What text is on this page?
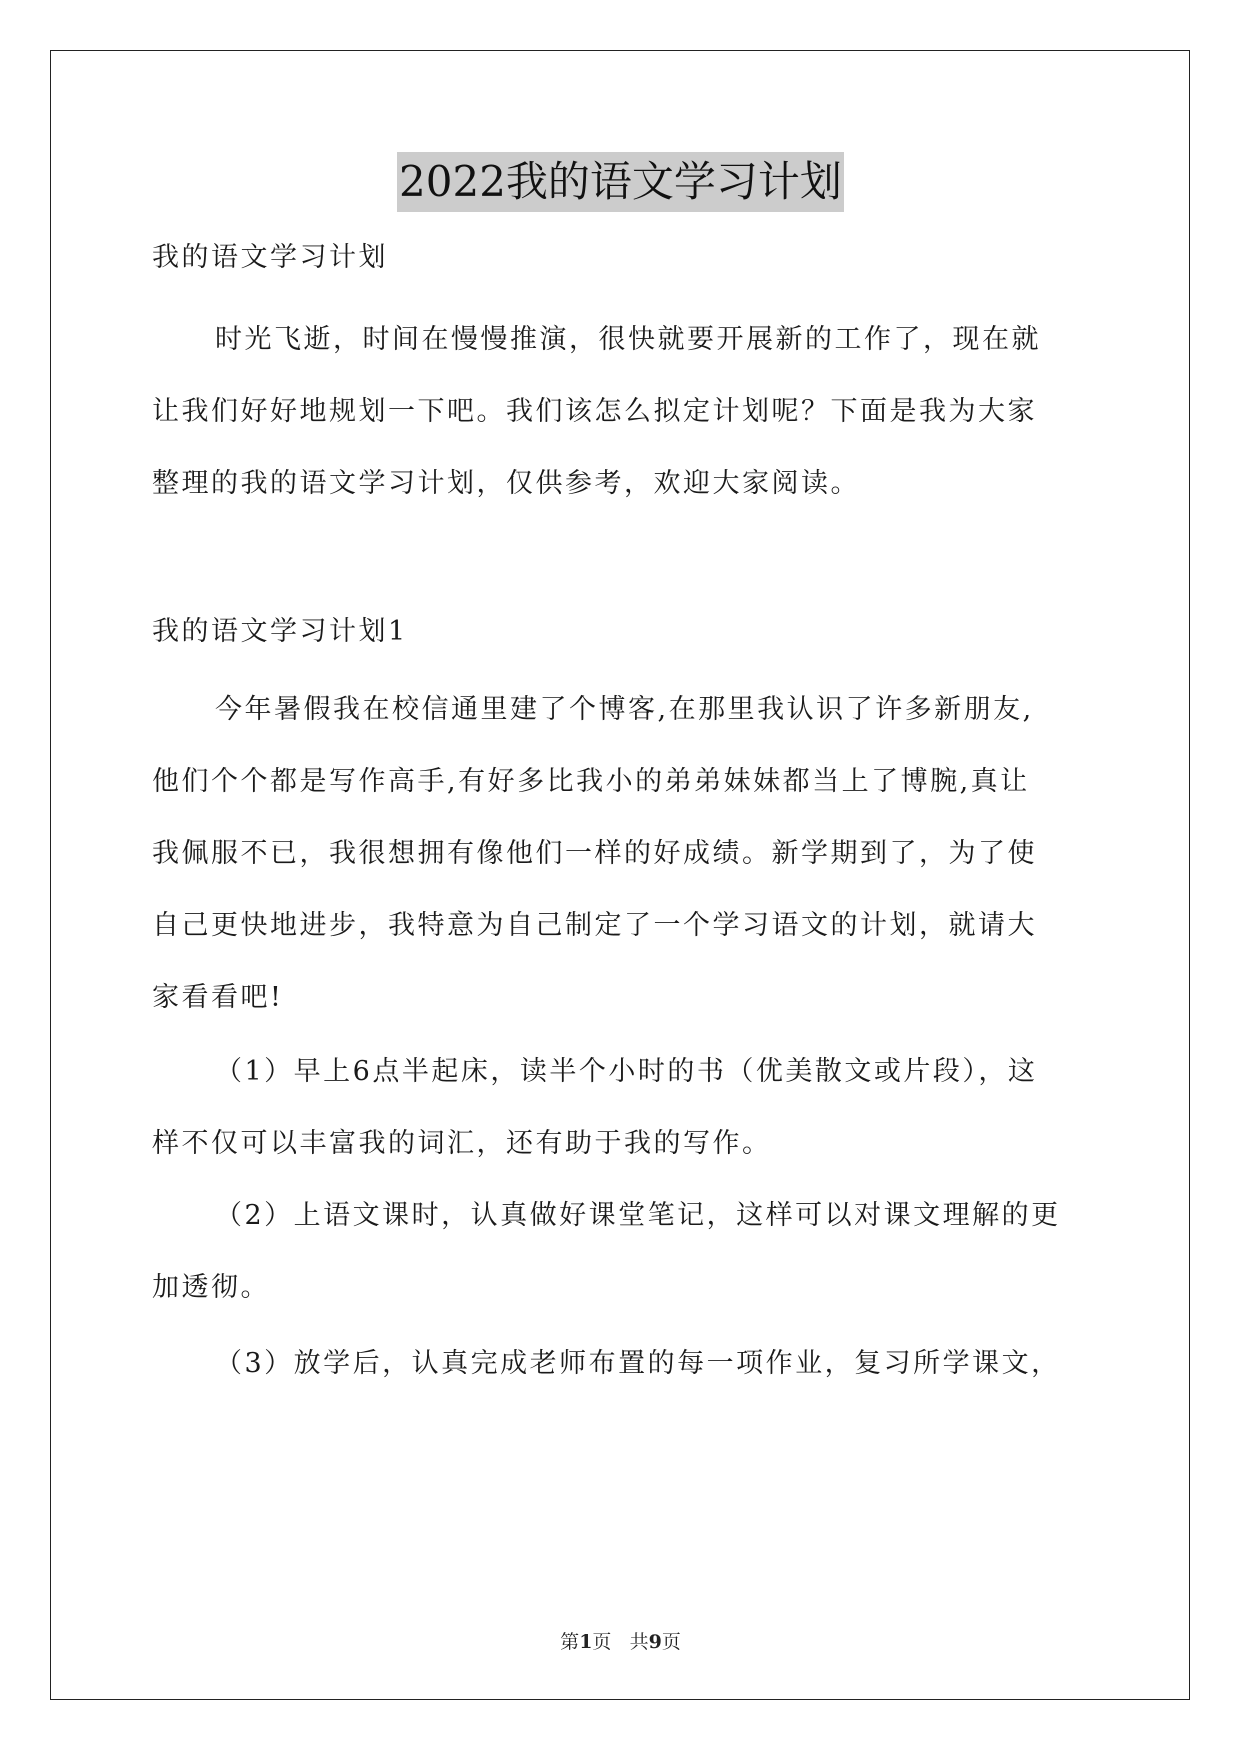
2022我的语文学习计划
我的语文学习计划
时光飞逝，时间在慢慢推演，很快就要开展新的工作了，现在就
让我们好好地规划一下吧。我们该怎么拟定计划呢？下面是我为大家
整理的我的语文学习计划，仅供参考，欢迎大家阅读。
我的语文学习计划1
今年暑假我在校信通里建了个博客,在那里我认识了许多新朋友,
他们个个都是写作高手,有好多比我小的弟弟妹妹都当上了博腕,真让
我佩服不已，我很想拥有像他们一样的好成绩。新学期到了，为了使
自己更快地进步，我特意为自己制定了一个学习语文的计划，就请大
家看看吧!
（1）早上6点半起床，读半个小时的书（优美散文或片段），这
样不仅可以丰富我的词汇，还有助于我的写作。
（2）上语文课时，认真做好课堂笔记，这样可以对课文理解的更
加透彻。
（3）放学后，认真完成老师布置的每一项作业，复习所学课文，
第1页 共9页
